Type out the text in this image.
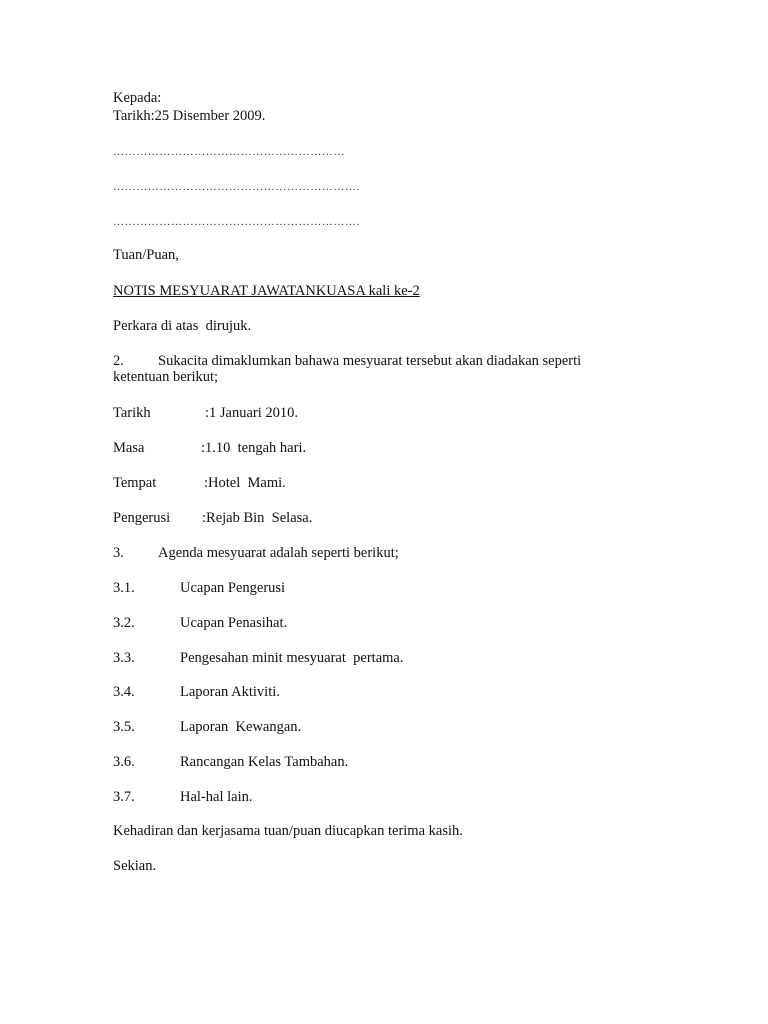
Kepada:
Tarikh:25 Disember 2009.
……………………………………………………
……………………………………………………….
……………………………………………………….
Tuan/Puan,
NOTIS MESYUARAT JAWATANKUASA kali ke-2
Perkara di atas  dirujuk.
2. Sukacita dimaklumkan bahawa mesyuarat tersebut akan diadakan seperti
ketentuan berikut;
Tarikh	:1 Januari 2010.
Masa	:1.10  tengah hari.
Tempat	:Hotel  Mami.
Pengerusi :Rejab Bin  Selasa.
3. Agenda mesyuarat adalah seperti berikut;
3.1.	Ucapan Pengerusi
3.2.	Ucapan Penasihat.
3.3.	Pengesahan minit mesyuarat  pertama.
3.4.	Laporan Aktiviti.
3.5.	Laporan  Kewangan.
3.6.	Rancangan Kelas Tambahan.
3.7.	Hal-hal lain.
Kehadiran dan kerjasama tuan/puan diucapkan terima kasih.
Sekian.
